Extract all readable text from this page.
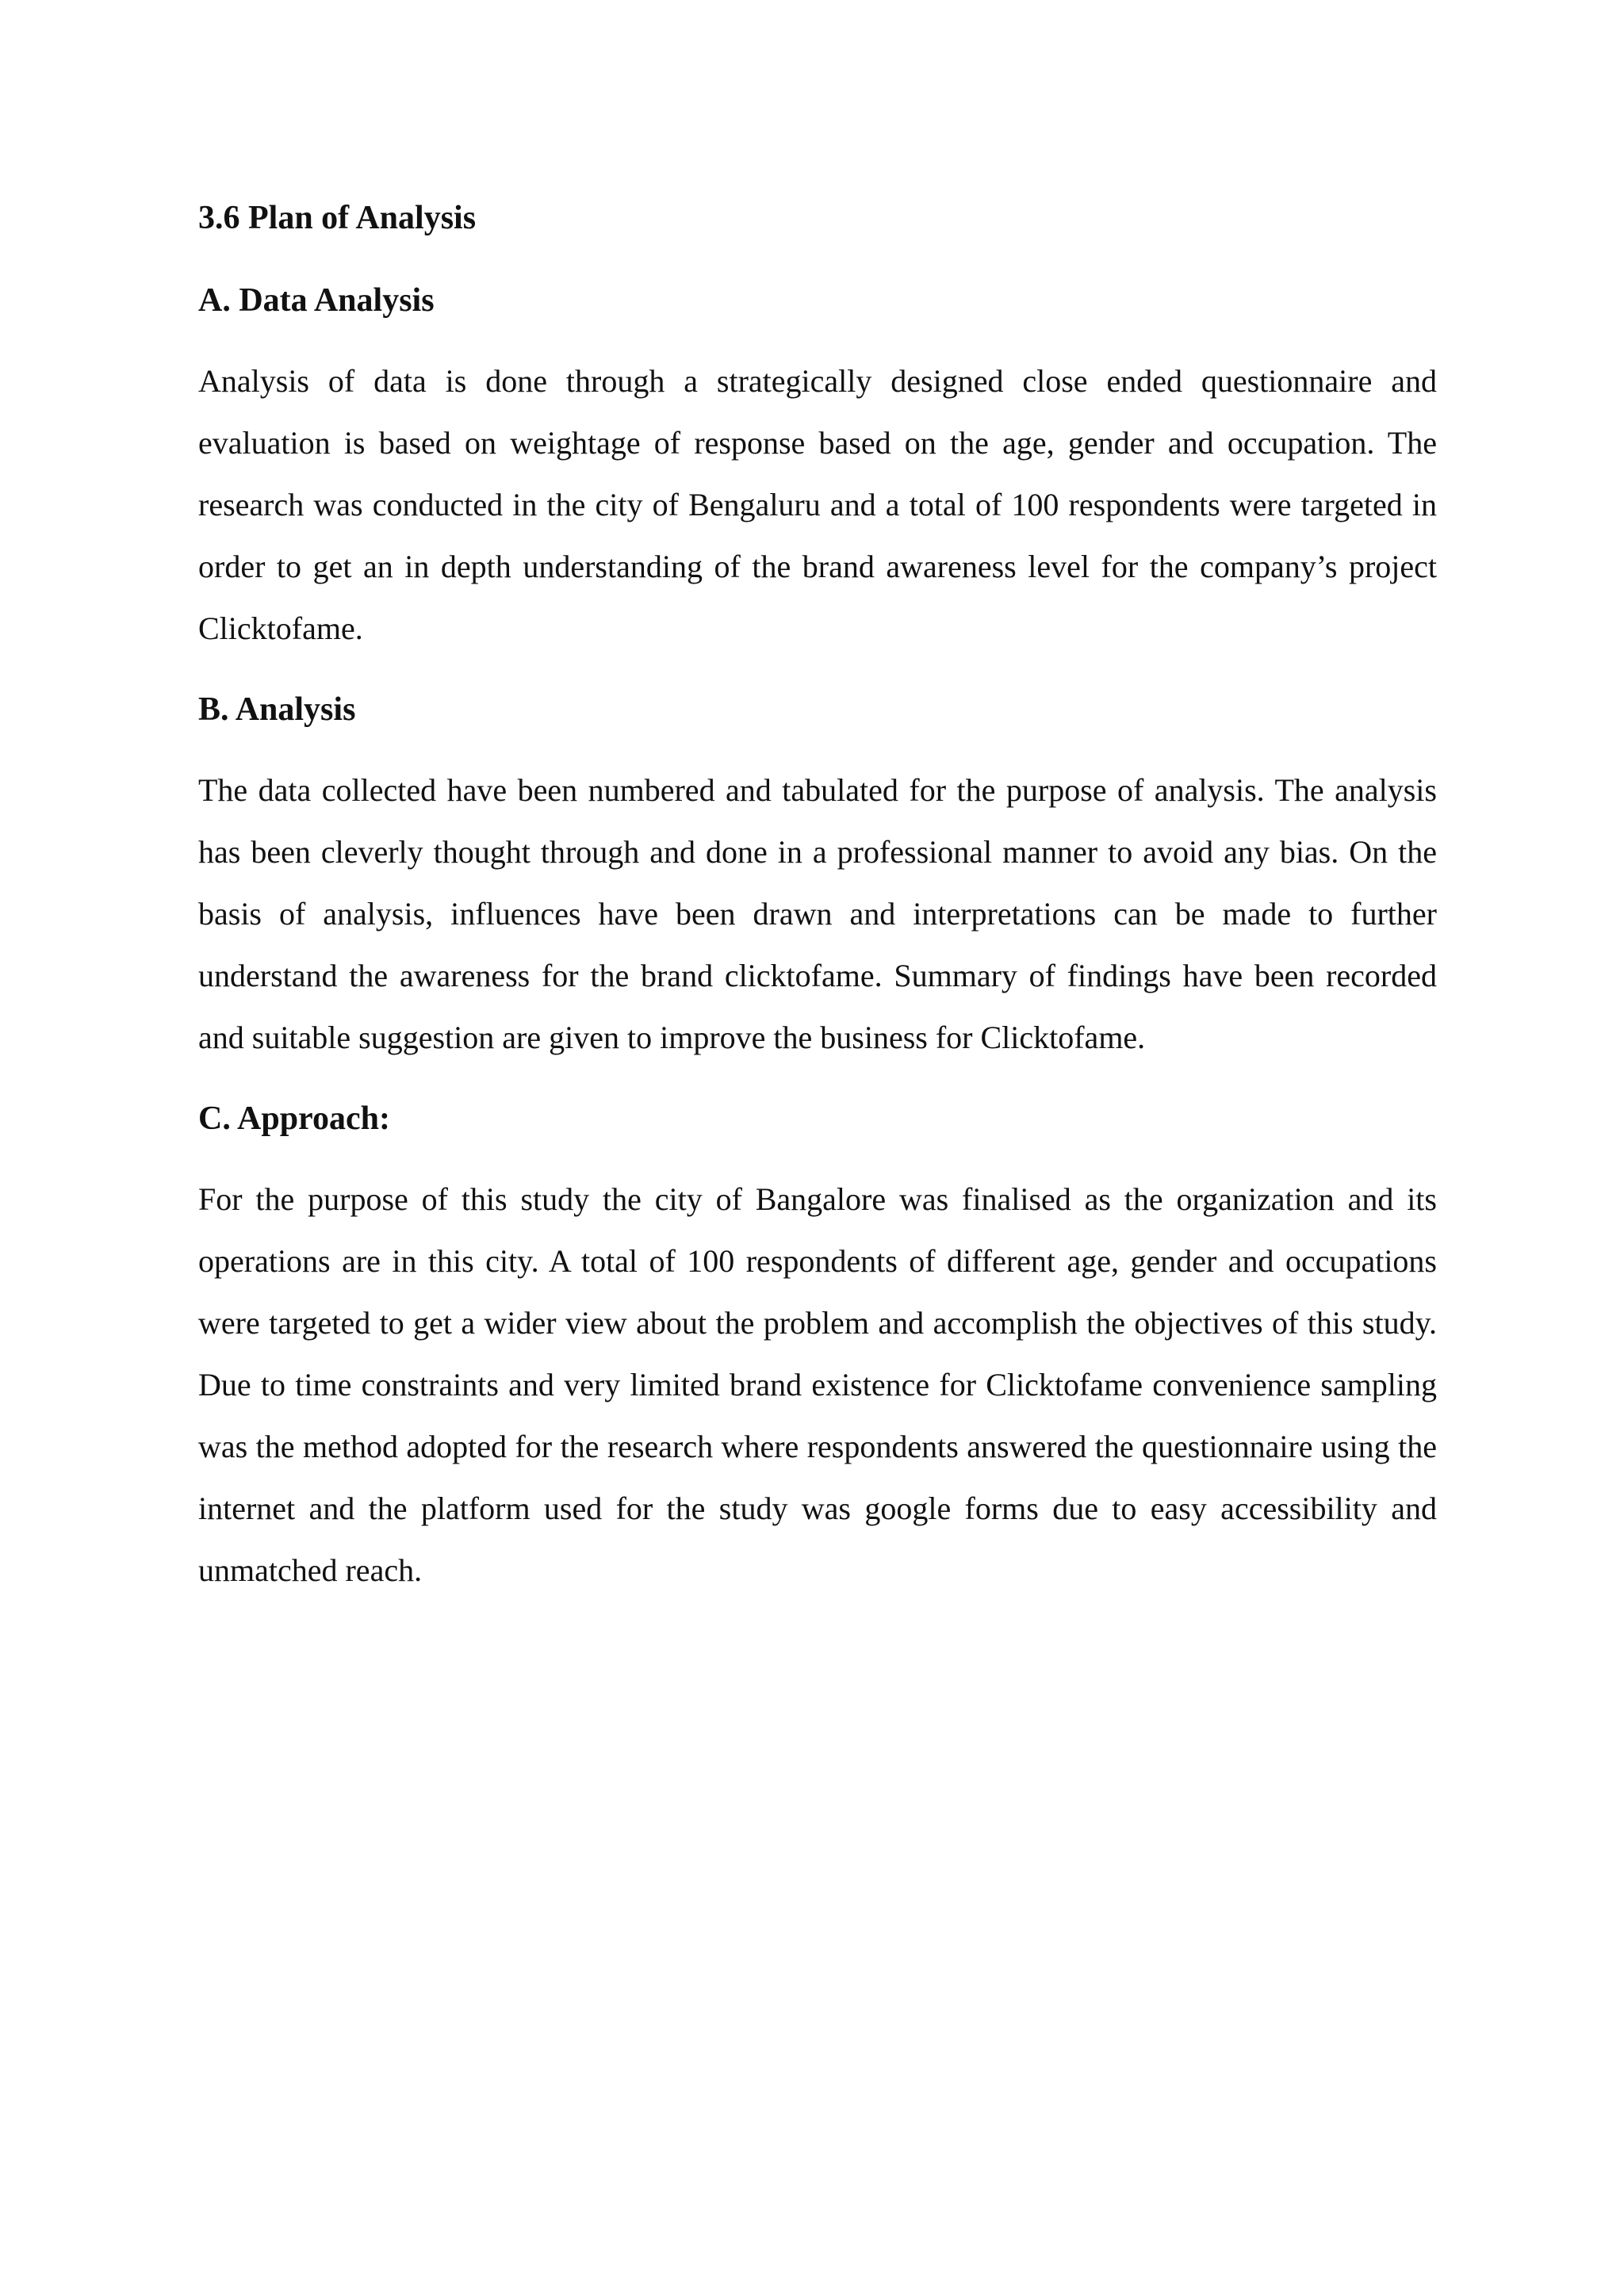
3.6 Plan of Analysis
A. Data Analysis

Analysis of data is done through a strategically designed close ended questionnaire and evaluation is based on weightage of response based on the age, gender and occupation. The research was conducted in the city of Bengaluru and a total of 100 respondents were targeted in order to get an in depth understanding of the brand awareness level for the company’s project Clicktofame.

B. Analysis

The data collected have been numbered and tabulated for the purpose of analysis. The analysis has been cleverly thought through and done in a professional manner to avoid any bias. On the basis of analysis, influences have been drawn and interpretations can be made to further understand the awareness for the brand clicktofame. Summary of findings have been recorded and suitable suggestion are given to improve the business for Clicktofame.

C. Approach:

For the purpose of this study the city of Bangalore was finalised as the organization and its operations are in this city. A total of 100 respondents of different age, gender and occupations were targeted to get a wider view about the problem and accomplish the objectives of this study. Due to time constraints and very limited brand existence for Clicktofame convenience sampling was the method adopted for the research where respondents answered the questionnaire using the internet and the platform used for the study was google forms due to easy accessibility and unmatched reach.
